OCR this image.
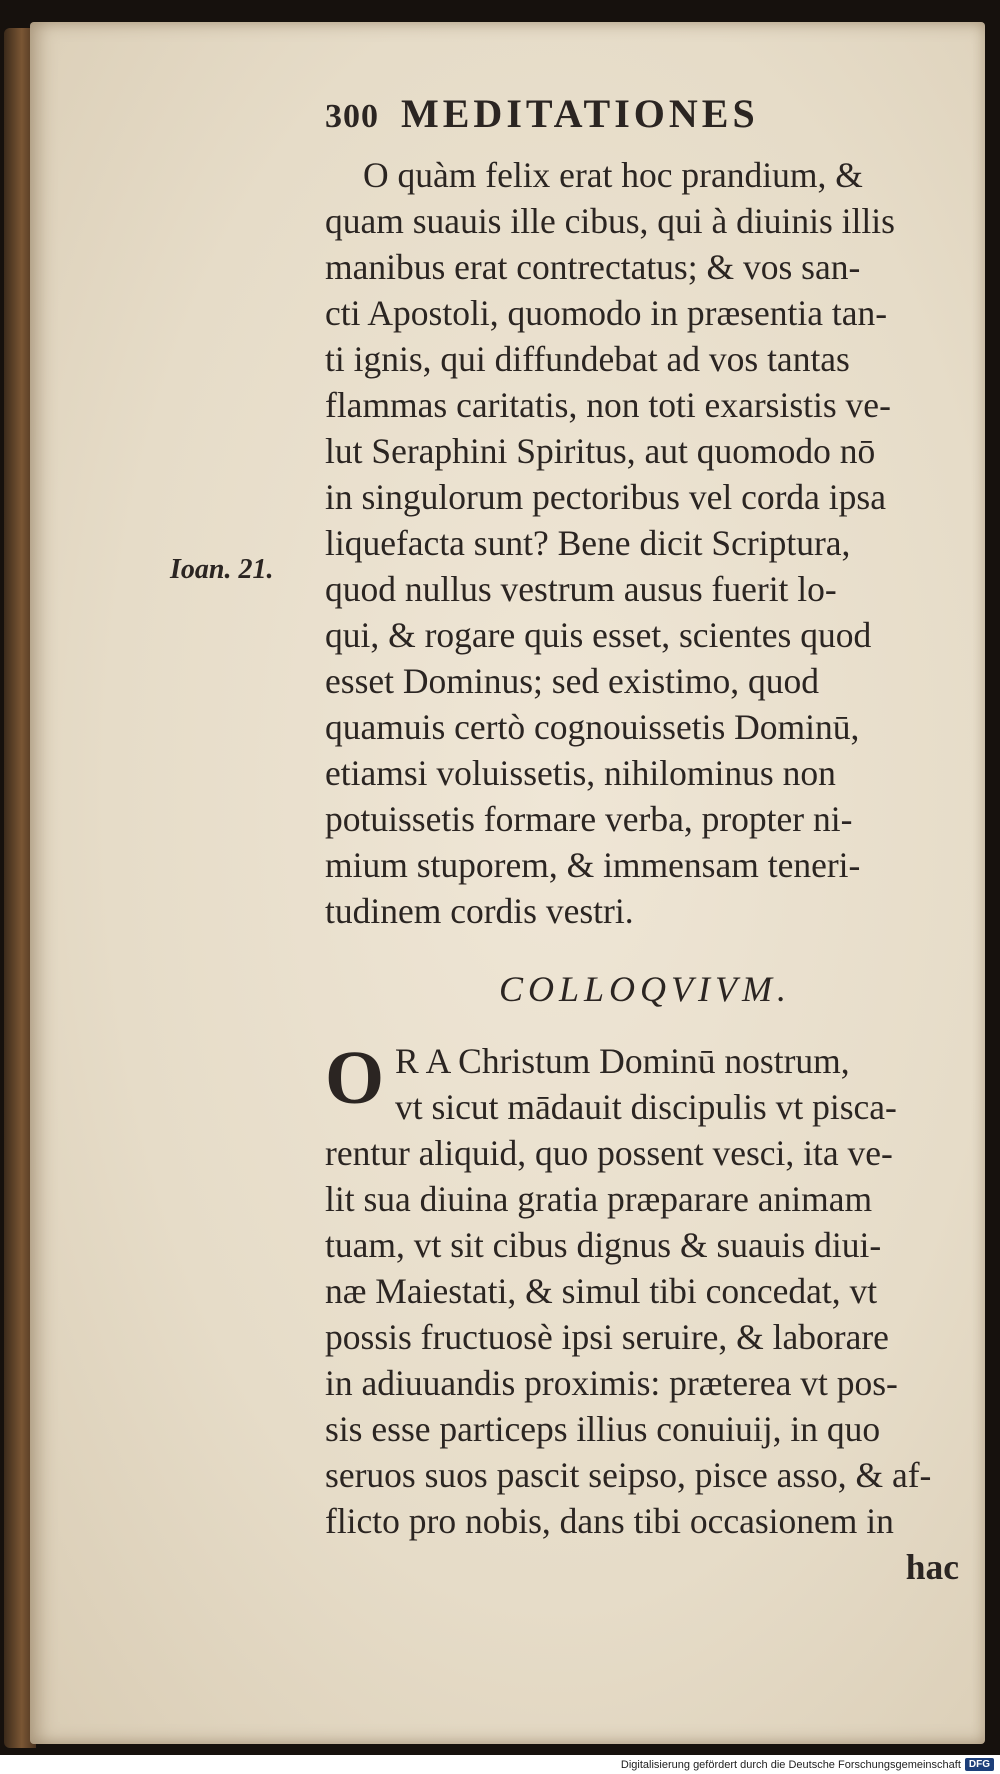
Ioan. 21.
300 MEDITATIONES
O quàm felix erat hoc prandium, &
quam suauis ille cibus, qui à diuinis illis
manibus erat contrectatus; & vos san-
cti Apostoli, quomodo in præsentia tan-
ti ignis, qui diffundebat ad vos tantas
flammas caritatis, non toti exarsistis ve-
lut Seraphini Spiritus, aut quomodo nō
in singulorum pectoribus vel corda ipsa
liquefacta sunt? Bene dicit Scriptura,
quod nullus vestrum ausus fuerit lo-
qui, & rogare quis esset, scientes quod
esset Dominus; sed existimo, quod
quamuis certò cognouissetis Dominū,
etiamsi voluissetis, nihilominus non
potuissetis formare verba, propter ni-
mium stuporem, & immensam teneri-
tudinem cordis vestri.
COLLOQVIVM.
O R A Christum Dominū nostrum,
vt sicut mādauit discipulis vt pisca-
rentur aliquid, quo possent vesci, ita ve-
lit sua diuina gratia præparare animam
tuam, vt sit cibus dignus & suauis diui-
næ Maiestati, & simul tibi concedat, vt
possis fructuosè ipsi seruire, & laborare
in adiuuandis proximis: præterea vt pos-
sis esse particeps illius conuiuij, in quo
seruos suos pascit seipso, pisce asso, & af-
flicto pro nobis, dans tibi occasionem in
hac
Digitalisierung gefördert durch die Deutsche Forschungsgemeinschaft DFG
